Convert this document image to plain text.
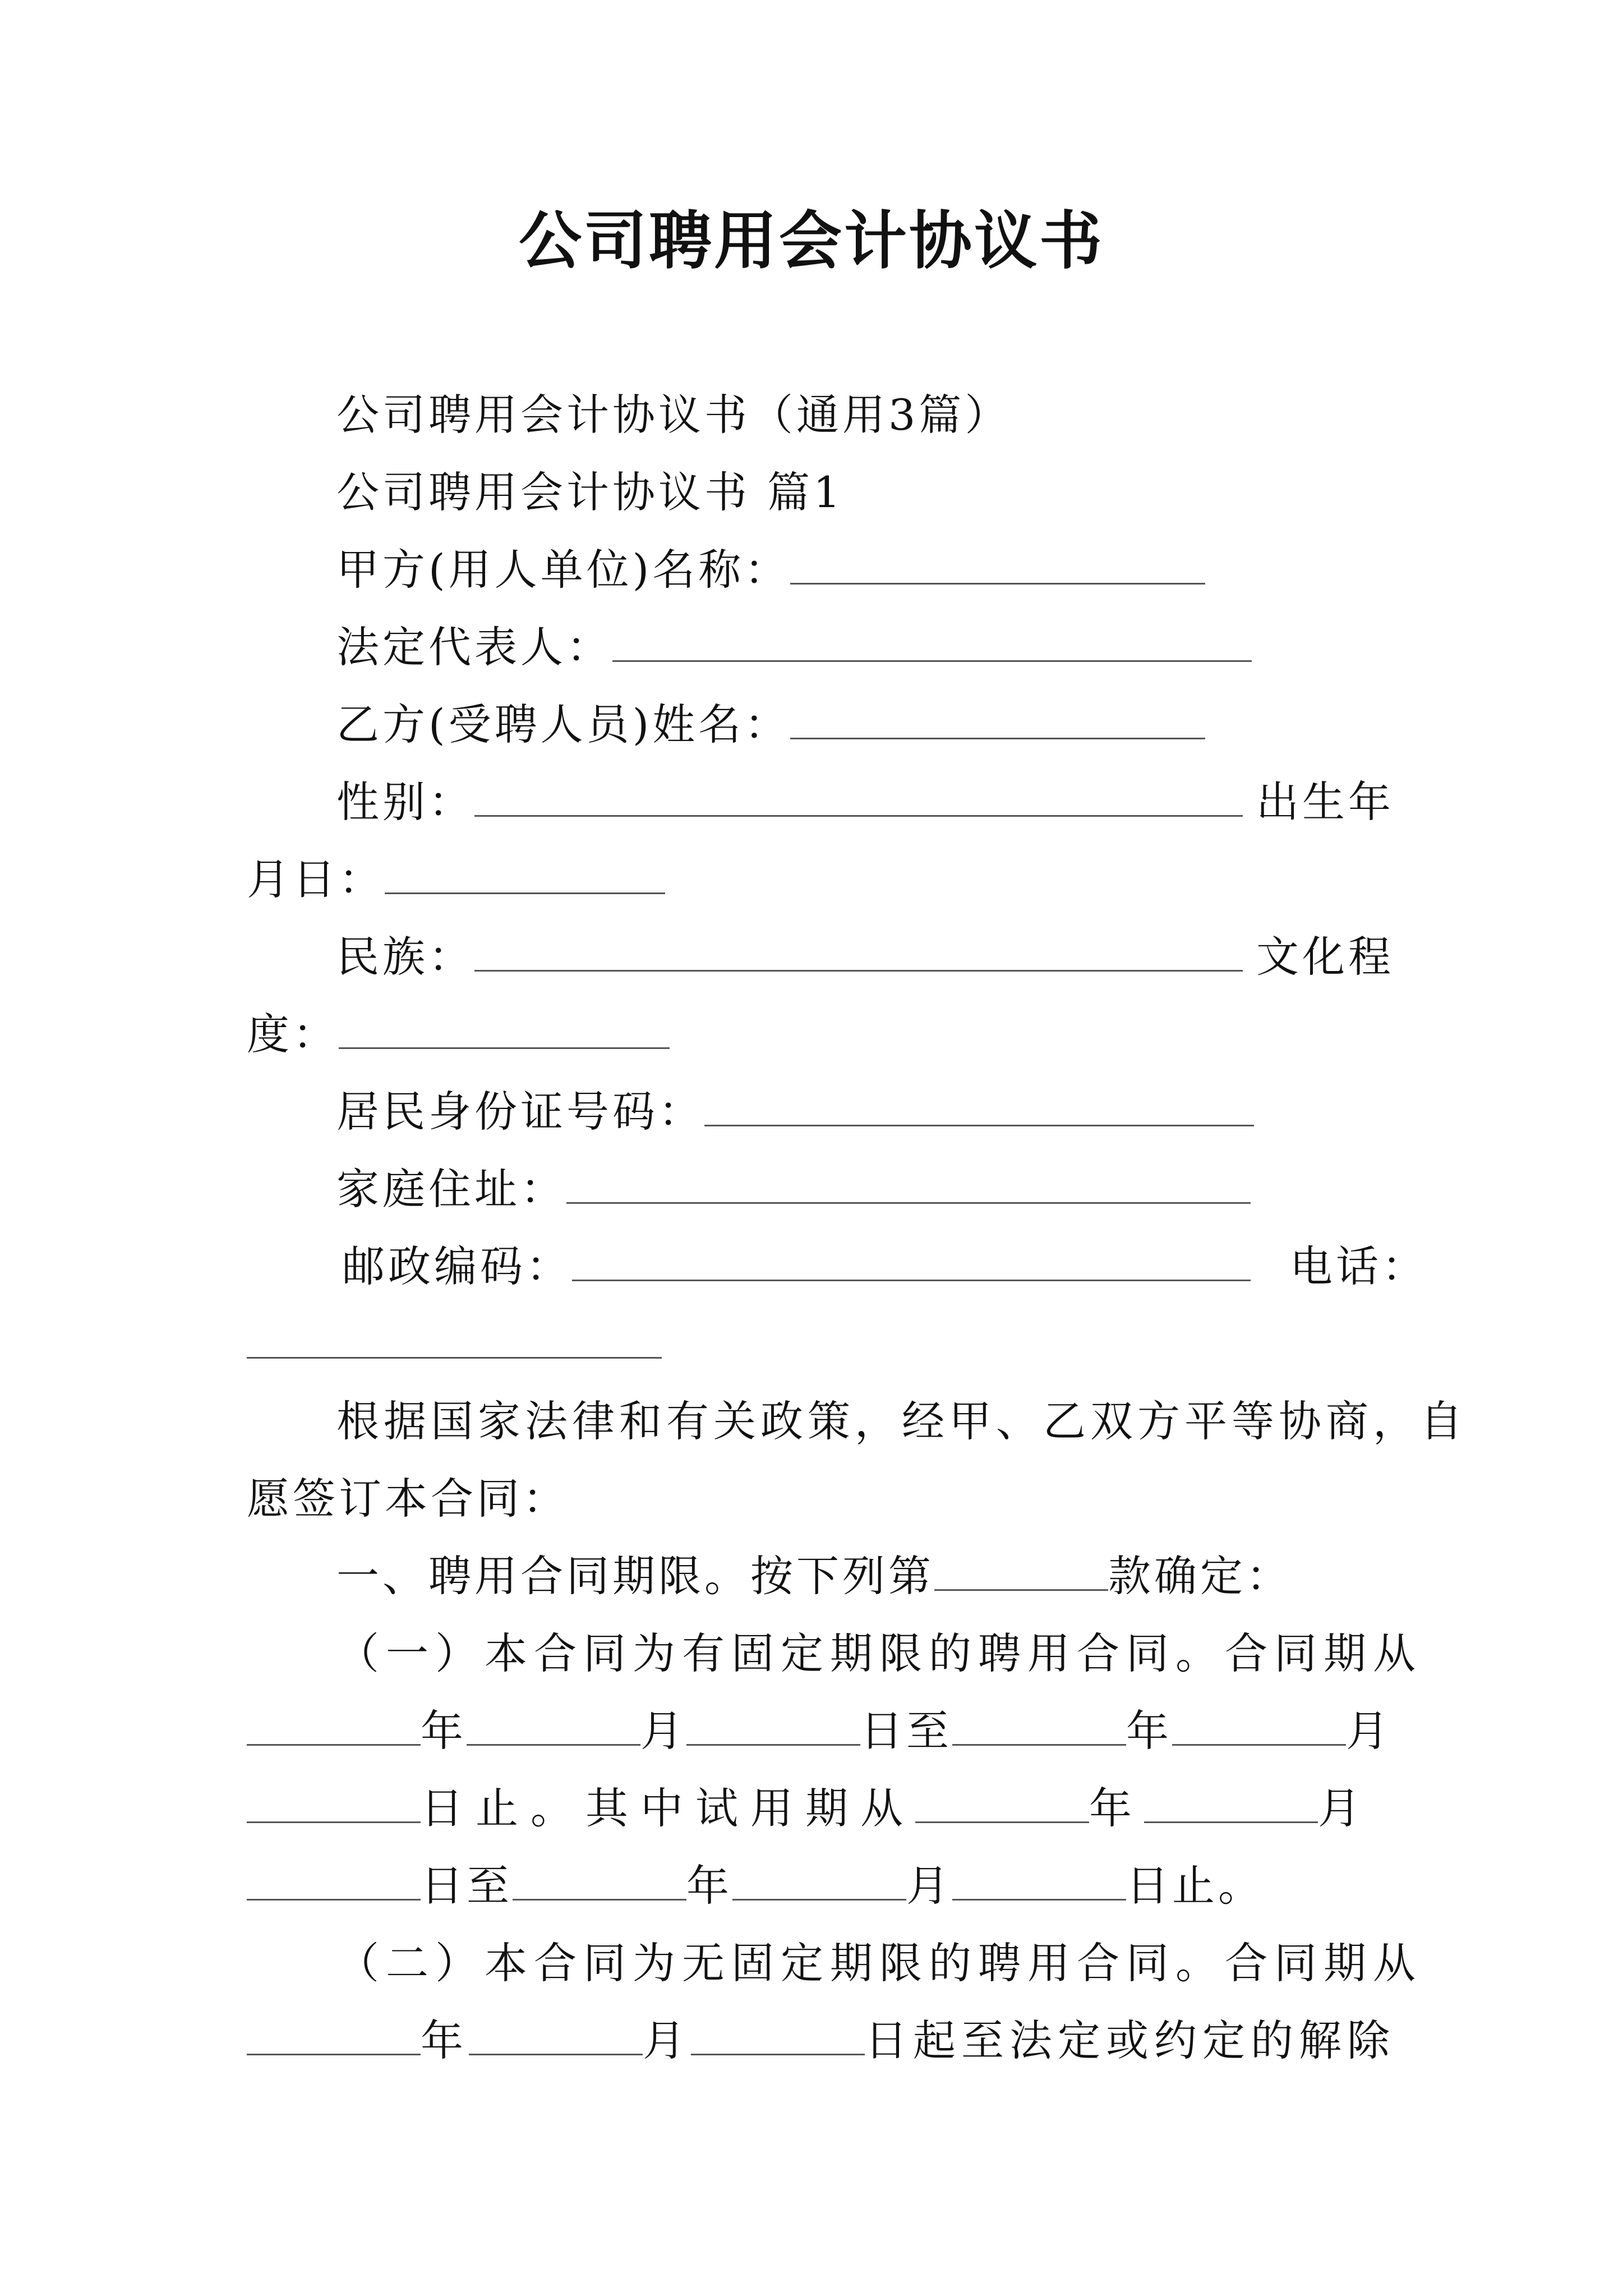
公司聘用会计协议书
公司聘用会计协议书（通用3篇）
公司聘用会计协议书 篇1
甲方(用人单位)名称：
法定代表人：
乙方(受聘人员)姓名：
性别：	出生年
月日：
民族：	文化程
度：
居民身份证号码：
家庭住址：
邮政编码：	电话：
根据国家法律和有关政策，经甲、乙双方平等协商，自
愿签订本合同：
一、聘用合同期限。按下列第	款确定：
（一）本合同为有固定期限的聘用合同。合同期从
年	月	日至	年	月
日止。其中试用期从	年	月
日至	年	月	日止。
（二）本合同为无固定期限的聘用合同。合同期从
年	月	日起至法定或约定的解除
